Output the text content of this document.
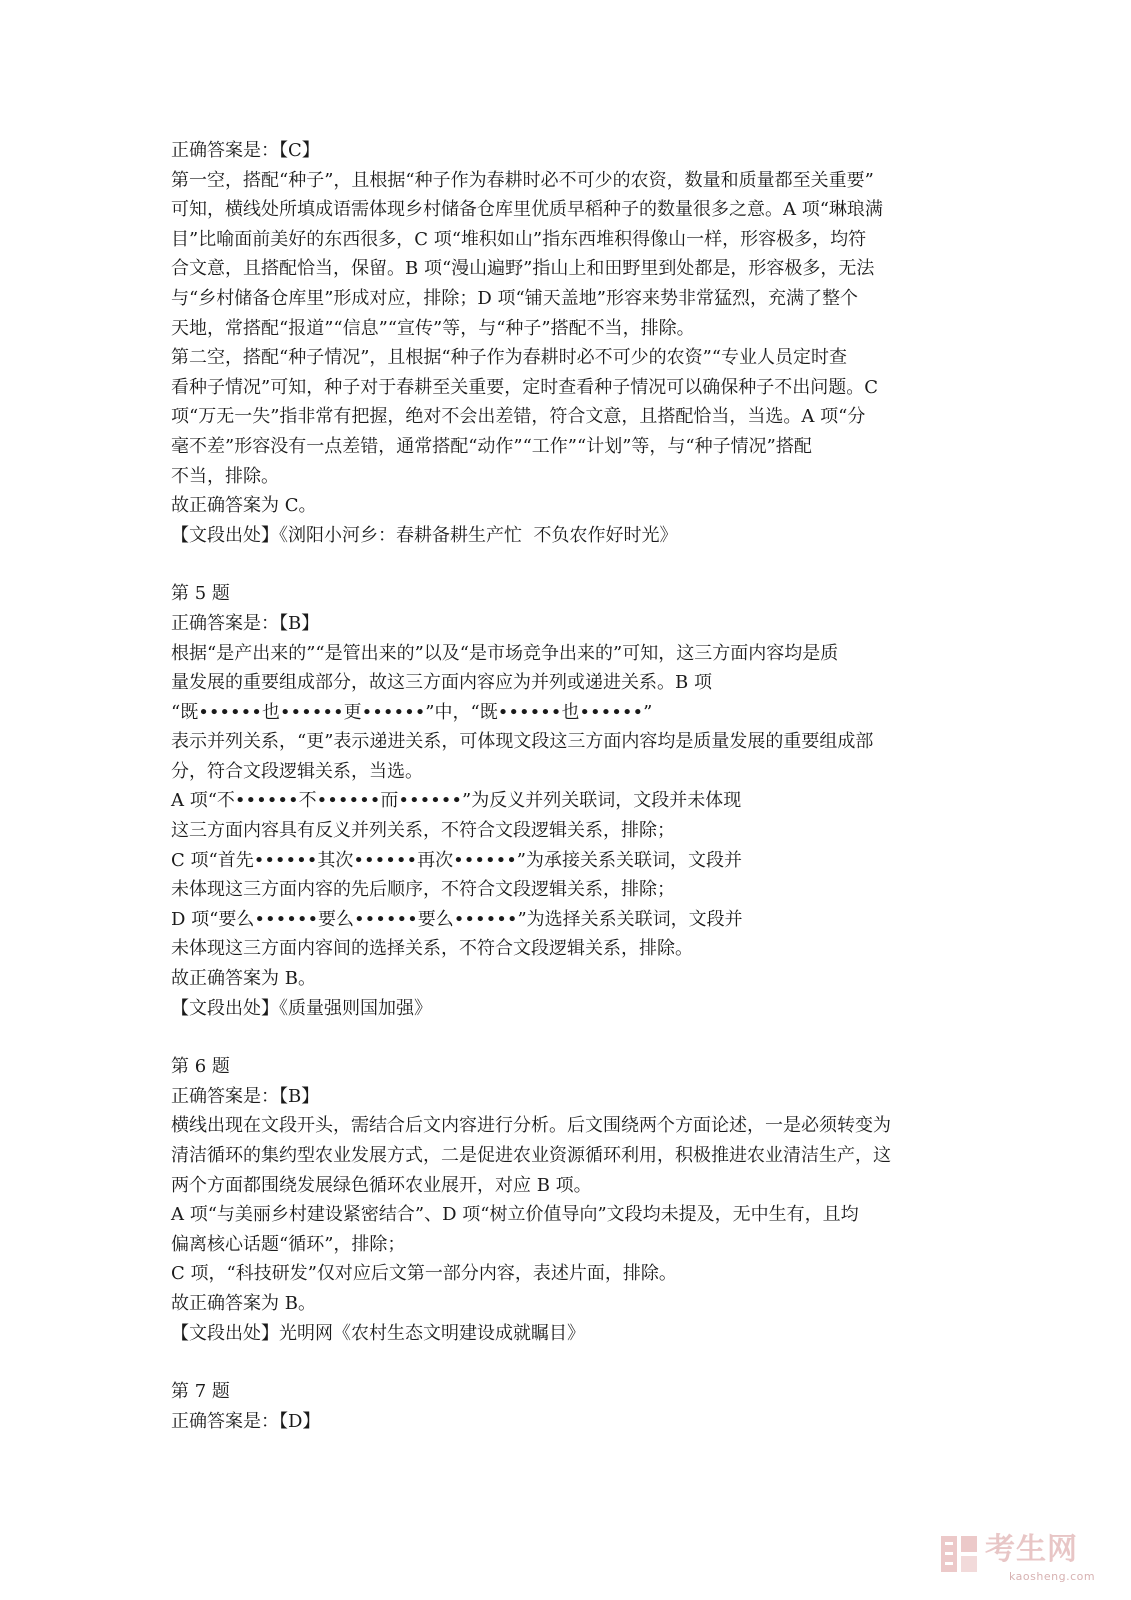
正确答案是：【C】
第一空，搭配“种子”，且根据“种子作为春耕时必不可少的农资，数量和质量都至关重要”
可知，横线处所填成语需体现乡村储备仓库里优质早稻种子的数量很多之意。A 项“琳琅满
目”比喻面前美好的东西很多，C 项“堆积如山”指东西堆积得像山一样，形容极多，均符
合文意，且搭配恰当，保留。B 项“漫山遍野”指山上和田野里到处都是，形容极多，无法
与“乡村储备仓库里”形成对应，排除；D 项“铺天盖地”形容来势非常猛烈，充满了整个
天地，常搭配“报道”“信息”“宣传”等，与“种子”搭配不当，排除。
第二空，搭配“种子情况”，且根据“种子作为春耕时必不可少的农资”“专业人员定时查
看种子情况”可知，种子对于春耕至关重要，定时查看种子情况可以确保种子不出问题。C
项“万无一失”指非常有把握，绝对不会出差错，符合文意，且搭配恰当，当选。A 项“分
毫不差”形容没有一点差错，通常搭配“动作”“工作”“计划”等，与“种子情况”搭配
不当，排除。
故正确答案为 C。
【文段出处】《浏阳小河乡：春耕备耕生产忙  不负农作好时光》
第 5 题
正确答案是：【B】
根据“是产出来的”“是管出来的”以及“是市场竞争出来的”可知，这三方面内容均是质
量发展的重要组成部分，故这三方面内容应为并列或递进关系。B 项
“既••••••也••••••更••••••”中，“既••••••也••••••”
表示并列关系，“更”表示递进关系，可体现文段这三方面内容均是质量发展的重要组成部
分，符合文段逻辑关系，当选。
A 项“不••••••不••••••而••••••”为反义并列关联词，文段并未体现
这三方面内容具有反义并列关系，不符合文段逻辑关系，排除；
C 项“首先••••••其次••••••再次••••••”为承接关系关联词，文段并
未体现这三方面内容的先后顺序，不符合文段逻辑关系，排除；
D 项“要么••••••要么••••••要么••••••”为选择关系关联词，文段并
未体现这三方面内容间的选择关系，不符合文段逻辑关系，排除。
故正确答案为 B。
【文段出处】《质量强则国加强》
第 6 题
正确答案是：【B】
横线出现在文段开头，需结合后文内容进行分析。后文围绕两个方面论述，一是必须转变为
清洁循环的集约型农业发展方式，二是促进农业资源循环利用，积极推进农业清洁生产，这
两个方面都围绕发展绿色循环农业展开，对应 B 项。
A 项“与美丽乡村建设紧密结合”、D 项“树立价值导向”文段均未提及，无中生有，且均
偏离核心话题“循环”，排除；
C 项，“科技研发”仅对应后文第一部分内容，表述片面，排除。
故正确答案为 B。
【文段出处】光明网《农村生态文明建设成就瞩目》
第 7 题
正确答案是：【D】
考生网
kaosheng.com
